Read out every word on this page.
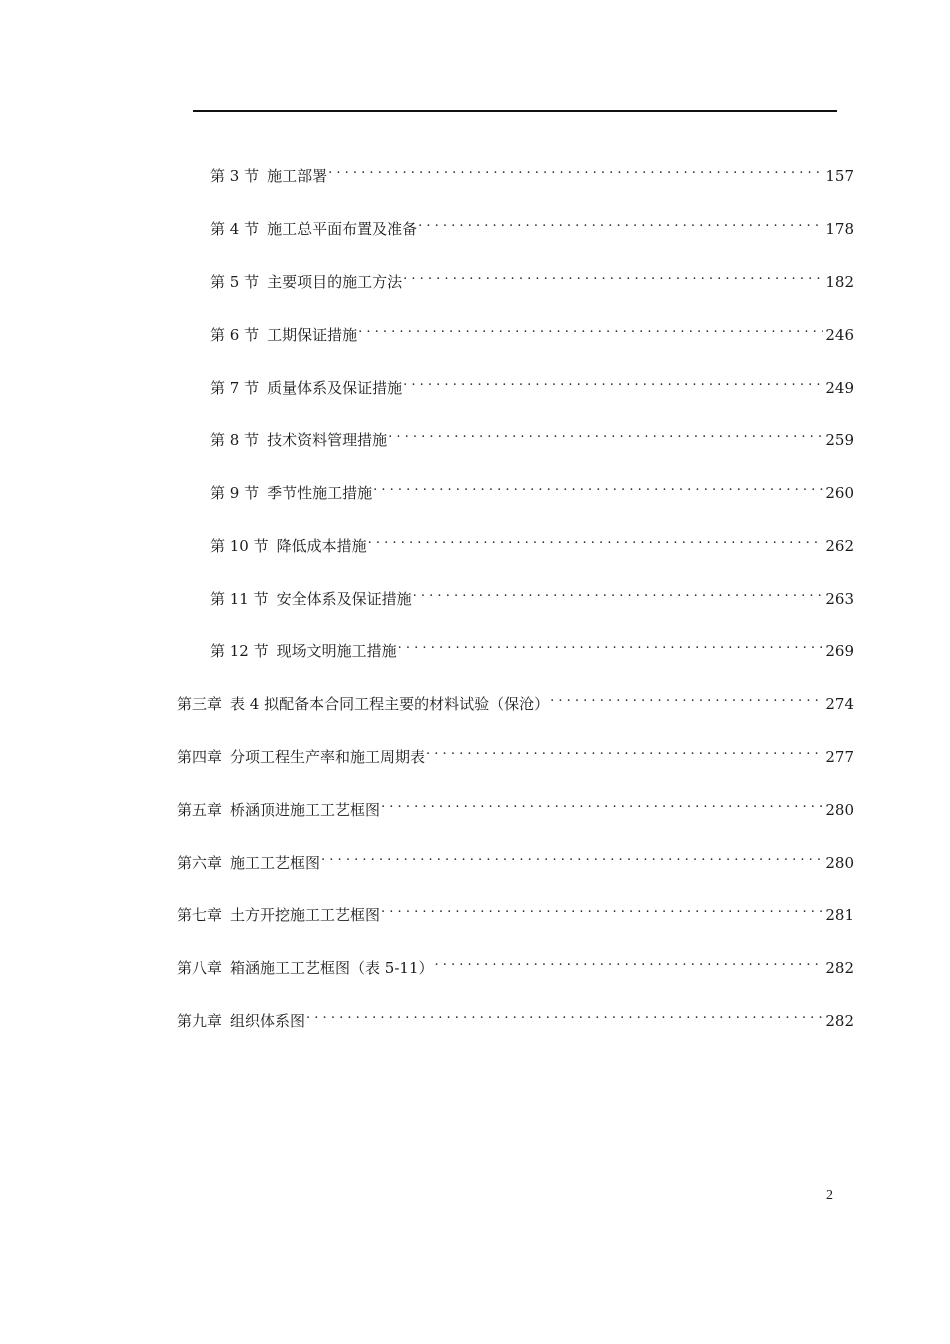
第 3 节 施工部署 . . .	157
第 4 节 施工总平面布置及准备 . . .	178
第 5 节 主要项目的施工方法 . . .	182
第 6 节 工期保证措施 . . .	246
第 7 节 质量体系及保证措施 . . .	249
第 8 节 技术资料管理措施 . . .	259
第 9 节 季节性施工措施 . . .	260
第 10 节 降低成本措施 . . .	262
第 11 节 安全体系及保证措施 . . .	263
第 12 节 现场文明施工措施 . . .	269
第三章 表 4 拟配备本合同工程主要的材料试验（保沧） . . .	274
第四章 分项工程生产率和施工周期表 . . .	277
第五章 桥涵顶进施工工艺框图 . . .	280
第六章 施工工艺框图 . . .	280
第七章 土方开挖施工工艺框图 . . .	281
第八章 箱涵施工工艺框图（表 5-11） . . .	282
第九章 组织体系图 . . .	282
2
